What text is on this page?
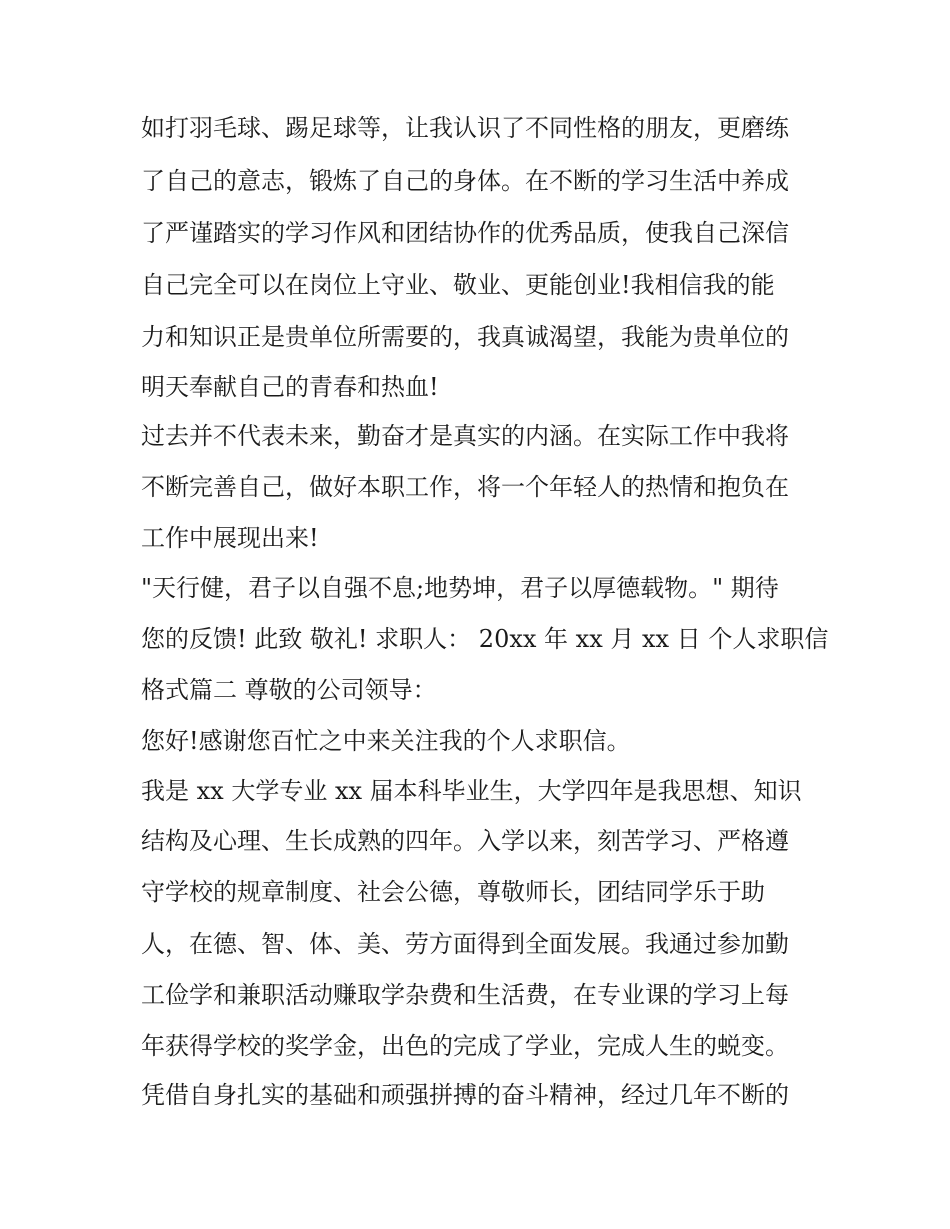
如打羽毛球、踢足球等，让我认识了不同性格的朋友，更磨练

了自己的意志，锻炼了自己的身体。在不断的学习生活中养成

了严谨踏实的学习作风和团结协作的优秀品质，使我自己深信

自己完全可以在岗位上守业、敬业、更能创业!我相信我的能

力和知识正是贵单位所需要的，我真诚渴望，我能为贵单位的

明天奉献自己的青春和热血!

过去并不代表未来，勤奋才是真实的内涵。在实际工作中我将

不断完善自己，做好本职工作，将一个年轻人的热情和抱负在

工作中展现出来!

"天行健，君子以自强不息;地势坤，君子以厚德载物。" 期待

您的反馈! 此致 敬礼! 求职人： 20xx 年 xx 月 xx 日 个人求职信

格式篇二 尊敬的公司领导：

您好!感谢您百忙之中来关注我的个人求职信。

我是 xx 大学专业 xx 届本科毕业生，大学四年是我思想、知识

结构及心理、生长成熟的四年。入学以来，刻苦学习、严格遵

守学校的规章制度、社会公德，尊敬师长，团结同学乐于助

人，在德、智、体、美、劳方面得到全面发展。我通过参加勤

工俭学和兼职活动赚取学杂费和生活费，在专业课的学习上每

年获得学校的奖学金，出色的完成了学业，完成人生的蜕变。

凭借自身扎实的基础和顽强拼搏的奋斗精神，经过几年不断的
